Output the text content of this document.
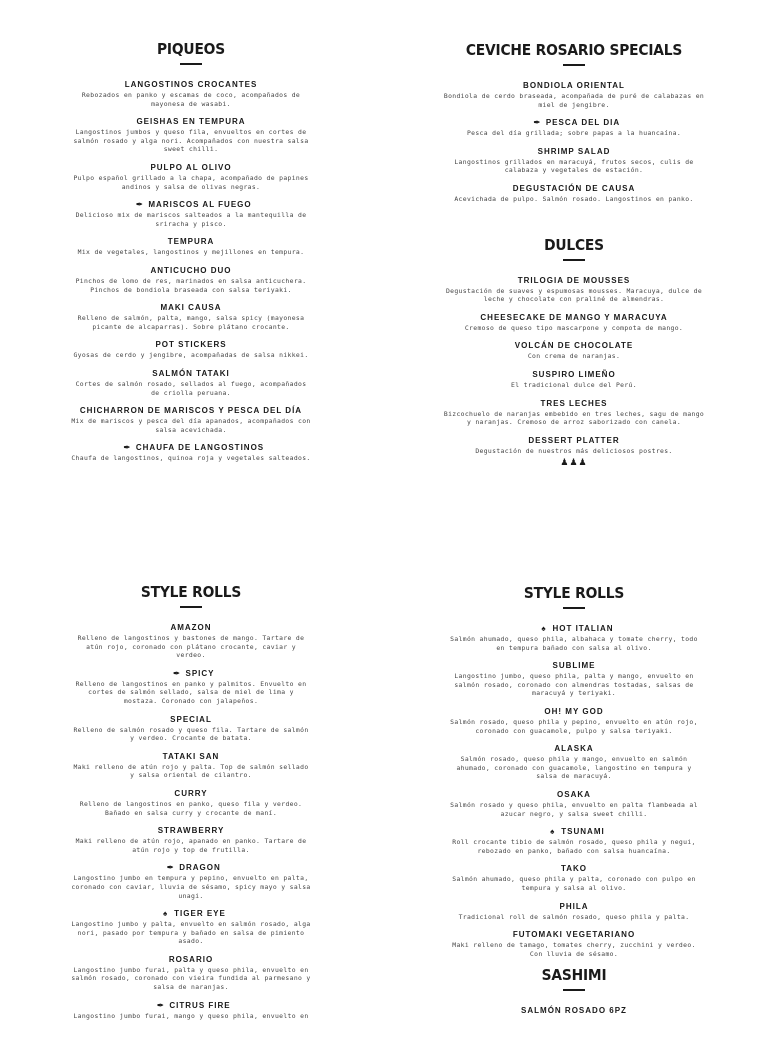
PIQUEOS
LANGOSTINOS CROCANTES
Rebozados en panko y escamas de coco, acompañados de mayonesa de wasabi.
GEISHAS EN TEMPURA
Langostinos jumbos y queso fila, envueltos en cortes de salmón rosado y alga nori. Acompañados con nuestra salsa sweet chilli.
PULPO AL OLIVO
Pulpo español grillado a la chapa, acompañado de papines andinos y salsa de olivas negras.
✒ MARISCOS AL FUEGO
Delicioso mix de mariscos salteados a la mantequilla de sriracha y pisco.
TEMPURA
Mix de vegetales, langostinos y mejillones en tempura.
ANTICUCHO DUO
Pinchos de lomo de res, marinados en salsa anticuchera. Pinchos de bondiola braseada con salsa teriyaki.
MAKI CAUSA
Relleno de salmón, palta, mango, salsa spicy (mayonesa picante de alcaparras). Sobre plátano crocante.
POT STICKERS
Gyosas de cerdo y jengibre, acompañadas de salsa nikkei.
SALMÓN TATAKI
Cortes de salmón rosado, sellados al fuego, acompañados de criolla peruana.
CHICHARRON DE MARISCOS Y PESCA DEL DÍA
Mix de mariscos y pesca del día apanados, acompañados con salsa acevichada.
✒ CHAUFA DE LANGOSTINOS
Chaufa de langostinos, quinoa roja y vegetales salteados.
CEVICHE ROSARIO SPECIALS
BONDIOLA ORIENTAL
Bondiola de cerdo braseada, acompañada de puré de calabazas en miel de jengibre.
✒ PESCA DEL DIA
Pesca del día grillada; sobre papas a la huancaína.
SHRIMP SALAD
Langostinos grillados en maracuyá, frutos secos, culis de calabaza y vegetales de estación.
DEGUSTACIÓN DE CAUSA
Acevichada de pulpo. Salmón rosado. Langostinos en panko.
DULCES
TRILOGIA DE MOUSSES
Degustación de suaves y espumosas mousses. Maracuya, dulce de leche y chocolate con praliné de almendras.
CHEESECAKE DE MANGO Y MARACUYA
Cremoso de queso tipo mascarpone y compota de mango.
VOLCÁN DE CHOCOLATE
Con crema de naranjas.
SUSPIRO LIMEÑO
El tradicional dulce del Perú.
TRES LECHES
Bizcochuelo de naranjas embebido en tres leches, sagu de mango y naranjas. Cremoso de arroz saborizado con canela.
DESSERT PLATTER
Degustación de nuestros más deliciosos postres.
♟♟♟
STYLE ROLLS
AMAZON
Relleno de langostinos y bastones de mango. Tartare de atún rojo, coronado con plátano crocante, caviar y verdeo.
✒ SPICY
Relleno de langostinos en panko y palmitos. Envuelto en cortes de salmón sellado, salsa de miel de lima y mostaza. Coronado con jalapeños.
SPECIAL
Relleno de salmón rosado y queso fila. Tartare de salmón y verdeo. Crocante de batata.
TATAKI SAN
Maki relleno de atún rojo y palta. Top de salmón sellado y salsa oriental de cilantro.
CURRY
Relleno de langostinos en panko, queso fila y verdeo. Bañado en salsa curry y crocante de maní.
STRAWBERRY
Maki relleno de atún rojo, apanado en panko. Tartare de atún rojo y top de frutilla.
✒ DRAGON
Langostino jumbo en tempura y pepino, envuelto en palta, coronado con caviar, lluvia de sésamo, spicy mayo y salsa unagi.
♠ TIGER EYE
Langostino jumbo y palta, envuelto en salmón rosado, alga nori, pasado por tempura y bañado en salsa de pimiento asado.
ROSARIO
Langostino jumbo furai, palta y queso phila, envuelto en salmón rosado, coronado con vieira fundida al parmesano y salsa de naranjas.
✒ CITRUS FIRE
Langostino jumbo furai, mango y queso phila, envuelto en
STYLE ROLLS
♠ HOT ITALIAN
Salmón ahumado, queso phila, albahaca y tomate cherry, todo en tempura bañado con salsa al olivo.
SUBLIME
Langostino jumbo, queso phila, palta y mango, envuelto en salmón rosado, coronado con almendras tostadas, salsas de maracuyá y teriyaki.
OH! MY GOD
Salmón rosado, queso phila y pepino, envuelto en atún rojo, coronado con guacamole, pulpo y salsa teriyaki.
ALASKA
Salmón rosado, queso phila y mango, envuelto en salmón ahumado, coronado con guacamole, langostino en tempura y salsa de maracuyá.
OSAKA
Salmón rosado y queso phila, envuelto en palta flambeada al azucar negro, y salsa sweet chilli.
♠ TSUNAMI
Roll crocante tibio de salmón rosado, queso phila y negui, rebozado en panko, bañado con salsa huancaína.
TAKO
Salmón ahumado, queso phila y palta, coronado con pulpo en tempura y salsa al olivo.
PHILA
Tradicional roll de salmón rosado, queso phila y palta.
FUTOMAKI VEGETARIANO
Maki relleno de tamago, tomates cherry, zucchini y verdeo. Con lluvia de sésamo.
SASHIMI
SALMÓN ROSADO 6PZ
